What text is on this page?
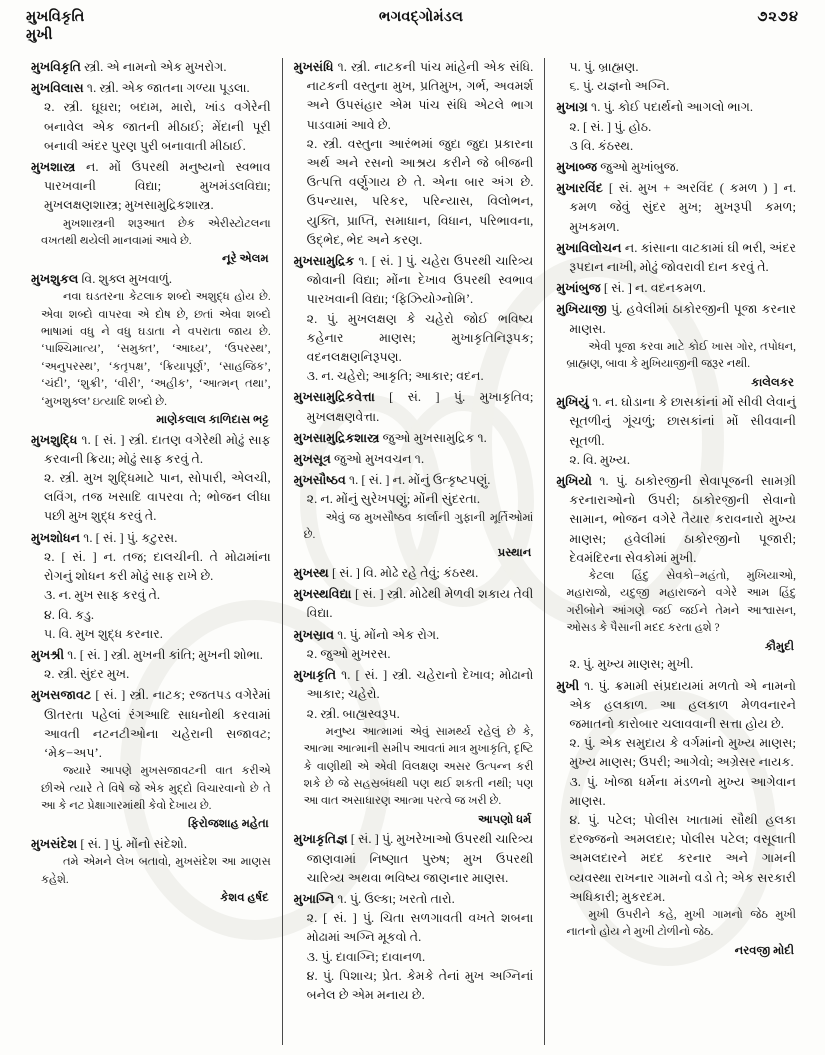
મુખવિકૃતિ
મુખી
ભગવદ્ગોમંડલ	૭૨૭૪

મુખવિકૃતિ સ્ત્રી. એ નામનો એક મુખરોગ.

મુખવિલાસ ૧. સ્ત્રી. એક જાતના ગળ્યા પૂડલા.

૨. સ્ત્રી. ઘૂઘરા; બદામ, મારો, ખાંડ વગેરેની બનાવેલ એક જાતની મીઠાઈ; મેંદાની પૂરી બનાવી અંદર પુરણ પુરી બનાવાતી મીઠાઈ.

મુખશાસ્ત્ર ન. મોં ઉપરથી મનુષ્યનો સ્વભાવ પારખવાની વિદ્યા; મુખમંડલવિદ્યા; મુખલક્ષણશાસ્ત્ર; મુખસામુદ્રિકશાસ્ત્ર.

મુખશાસ્ત્રની શરૂઆત છેક એરીસ્ટોટલના વખતથી થયેલી માનવામાં આવે છે.

નૂરે એલમ

મુખશુકલ વિ. શુક્લ મુખવાળું.

નવા ઘડતરના કેટલાક શબ્દો અશુદ્ધ હોય છે. એવા શબ્દો વાપરવા એ દોષ છે, છતાં એવા શબ્દો ભાષામાં વધુ ને વધુ ઘડાતા ને વપરાતા જાય છે. ‘પાશ્ચિમાત્ય’, ‘સમુક્ત’, ‘આઘ્ય’, ‘ઉપરસ્થ’, ‘અનુપરસ્થ’, ‘કતૃપક્ષ’, ‘ક્રિયાપૂર્ણ’, ‘સાહજિક’, ‘ચંદી’, ‘શુક્રી’, ‘વીરી’, ‘અહીક’, ‘આત્મન્ તથા’, ‘મુખશુક્લ’ ઇત્યાદિ શબ્દો છે.

માણેકલાલ કાળિદાસ ભટ્ટ

મુખશુદ્ધિ ૧. [ સં. ] સ્ત્રી. દાતણ વગેરેથી મોઢું સાફ કરવાની ક્રિયા; મોઢું સાફ કરવું તે.

૨. સ્ત્રી. મુખ શુદ્ધિમાટે પાન, સોપારી, એલચી, લવિંગ, તજ ખસાદિ વાપરવા તે; ભોજન લીધા પછી મુખ શુદ્ધ કરવું તે.

મુખશોધન ૧. [ સં. ] પું. કટુરસ.

૨. [ સં. ] ન. તજ; દાલચીની. તે મોઢામાંના રોગનું શોધન કરી મોઢું સાફ રાખે છે.

૩. ન. મુખ સાફ કરવું તે.

૪. વિ. કડુ.

૫. વિ. મુખ શુદ્ધ કરનાર.

મુખશ્રી ૧. [ સં. ] સ્ત્રી. મુખની કાંતિ; મુખની શોભા.

૨. સ્ત્રી. સુંદર મુખ.

મુખસજાવટ [ સં. ] સ્ત્રી. નાટક; રજતપડ વગેરેમાં ઊતરતા પહેલાં રંગઆદિ સાધનોથી કરવામાં આવતી નટનટીઓના ચહેરાની સજાવટ; ‘મેક−અપ’.

જ્યારે આપણે મુખસજાવટની વાત કરીએ છીએ ત્યારે તે વિષે જે એક મુદ્દો વિચારવાનો છે તે આ કે નટ પ્રેક્ષાગારમાંથી કેવો દેખાય છે.

ફિરોજશાહ મહેતા

મુખસંદેશ [ સં. ] પું. મોંનો સંદેશો.

તમે એમને લેખ બતાવો, મુખસંદેશ આ માણસ કહેશે.

કેશવ હર્ષદ

મુખસંધિ ૧. સ્ત્રી. નાટકની પાંચ માંહેની એક સંધિ. નાટકની વસ્તુના મુખ, પ્રતિમુખ, ગર્ભ, અવમર્શ અને ઉપસંહાર એમ પાંચ સંધિ એટલે ભાગ પાડવામાં આવે છે.

૨. સ્ત્રી. વસ્તુના આરંભમાં જુદા જુદા પ્રકારના અર્થ અને રસનો આશ્રય કરીને જે બીજની ઉત્પત્તિ વર્ણુગાય છે તે. એના બાર અંગ છે. ઉપન્યાસ, પરિકર, પરિન્યાસ, વિલોભન, યુક્તિ, પ્રાપ્તિ, સમાધાન, વિધાન, પરિભાવના, ઉદ્ભેદ, ભેદ અને કરણ.

મુખસામુદ્રિક ૧. [ સં. ] પું. ચહેરા ઉપરથી ચારિત્ર્ય જોવાની વિદ્યા; મોંના દેખાવ ઉપરથી સ્વભાવ પારખવાની વિદ્યા; ‘ફિઝિયોગ્નોમિ’.

૨. પું. મુખલક્ષણ કે ચહેરો જોઈ ભવિષ્ય કહેનાર માણસ; મુખાકૃતિનિરૂપક; વદનલક્ષણનિરૂપણ.

૩. ન. ચહેરો; આકૃતિ; આકાર; વદન.

મુખસામુદ્રિકવેત્તા [ સં. ] પું. મુખાકૃતિવ; મુખલક્ષણવેત્તા.

મુખસામુદ્રિકશાસ્ત્ર જુઓ મુખસામુદ્રિક ૧.

મુખસૂત્ર જુઓ મુખવચન ૧.

મુખસૌષ્ઠવ ૧. [ સં. ] ન. મોંનું ઉત્કૃષ્ટપણું.

૨. ન. મોંનું સુરેખપણું; મોંની સુંદરતા.

એવું જ મુખસૌષ્ઠવ કાર્લાની ગુફાની મૂર્તિઓમાં છે.

પ્રસ્થાન

મુખસ્થ [ સં. ] વિ. મોઢે રહે તેવું; કંઠસ્થ.

મુખસ્થવિદ્યા [ સં. ] સ્ત્રી. મોઢેથી મેળવી શકાય તેવી વિદ્યા.

મુખસ્રાવ ૧. પું. મોંનો એક રોગ.

૨. જુઓ મુખરસ.

મુખાકૃતિ ૧. [ સં. ] સ્ત્રી. ચહેરાનો દેખાવ; મોઢાનો આકાર; ચહેરો.

૨. સ્ત્રી. બાહ્યસ્વરૂપ.

મનુષ્ય આત્મામાં એવું સામર્થ્ય રહેલું છે કે, આત્મા આત્માની સમીપ આવતાં માત્ર મુખાકૃતિ, દૃષ્ટિ કે વાણીથી એ એવી વિલક્ષણ અસર ઉત્પન્ન કરી શકે છે જે સહસ્રબંધથી પણ થઈ શકતી નથી; પણ આ વાત અસાધારણ આત્મા પરત્વે જ ખરી છે.

આપણો ધર્મ

મુખાકૃતિજ્ઞ [ સં. ] પું. મુખરેખાઓ ઉપરથી ચારિત્ર્ય જાણવામાં નિષ્ણાત પુરુષ; મુખ ઉપરથી ચારિત્ર્ય અથવા ભવિષ્ય જાણનાર માણસ.

મુખાગ્નિ ૧. પું. ઉલ્કા; ખરતો તારો.

૨. [ સં. ] પું. ચિતા સળગાવતી વખતે શબના મોઢામાં અગ્નિ મૂકવો તે.

૩. પું. દાવાગ્નિ; દાવાનળ.

૪. પું. પિશાચ; પ્રેત. કેમકે તેનાં મુખ અગ્નિનાં બનેલ છે એમ મનાય છે.

૫. પું. બ્રાહ્મણ.

૬. પું. યજ્ઞનો અગ્નિ.

મુખાગ્ર ૧. પું. કોઈ પદાર્થનો આગલો ભાગ.

૨. [ સં. ] પું. હોઠ.

૩ વિ. કંઠસ્થ.

મુખાબ્જ જુઓ મુખાંબુજ.

મુખારવિંદ [ સં. મુખ + અરવિંદ ( કમળ ) ] ન. કમળ જેવું સુંદર મુખ; મુખરૂપી કમળ; મુખકમળ.

મુખાવિલોચન ન. કાંસાના વાટકામાં ઘી ભરી, અંદર રૂપદાન નાખી, મોઢું જોવરાવી દાન કરવું તે.

મુખાંબુજ [ સં. ] ન. વદનકમળ.

મુખિયાજી પું. હવેલીમાં ઠાકોરજીની પૂજા કરનાર માણસ.

એવી પૂજા કરવા માટે કોઈ ખાસ ગોર, તપોધન, બ્રાહ્મણ, બાવા કે મુખિયાજીની જરૂર નથી.

કાલેલકર

મુખિયું ૧. ન. ઘોડાના કે છાસકાંનાં મોં સીવી લેવાનું સૂતળીનું ગૂંચળું; છાસકાંનાં મોં સીવવાની સૂતળી.

૨. વિ. મુખ્ય.

મુખિયો ૧. પું. ઠાકોરજીની સેવાપૂજની સામગ્રી કરનારાઓનો ઉપરી; ઠાકોરજીની સેવાનો સામાન, ભોજન વગેરે તૈયાર કરાવનારો મુખ્ય માણસ; હવેલીમાં ઠાકોરજીનો પૂજારી; દેવમંદિરના સેવકોમાં મુખી.

કેટલા હિંદુ સેવકો−મહંતો, મુખિયાઓ, મહારાજો, યદુજી મહારાજને વગેરે આમ હિંદુ ગરીબોને આંગણે જઈ જઈને તેમને આશ્વાસન, ઓસડ કે પૈસાની મદદ કરતા હશે ?

કૌમુદી

૨. પું. મુખ્ય માણસ; મુખી.

મુખી ૧. પું. ક્રમામી સંપ્રદાયમાં મળતો એ નામનો એક હલકાળ. આ હલકાળ મેળવનારને જમાતનો કારોબાર ચલાવવાની સત્તા હોય છે.

૨. પું. એક સમુદાય કે વર્ગમાંનો મુખ્ય માણસ; મુખ્ય માણસ; ઉપરી; આગેવો; અગ્રેસર નાયક.

૩. પું. ખોજા ધર્મના મંડળનો મુખ્ય આગેવાન માણસ.

૪. પું. પટેલ; પોલીસ ખાતામાં સૌથી હલકા દરજ્જનો અમલદાર; પોલીસ પટેલ; વસૂલાતી અમલદારને મદદ કરનાર અને ગામની વ્યવસ્થા રાખનાર ગામનો વડો તે; એક સરકારી અધિકારી; મુકરદમ.

મુખી ઉપરીને કહે, મુખી ગામનો જેઠ મુખી નાતનો હોય ને મુખી ટોળીનો જેઠ.

નરવજી મોદી
